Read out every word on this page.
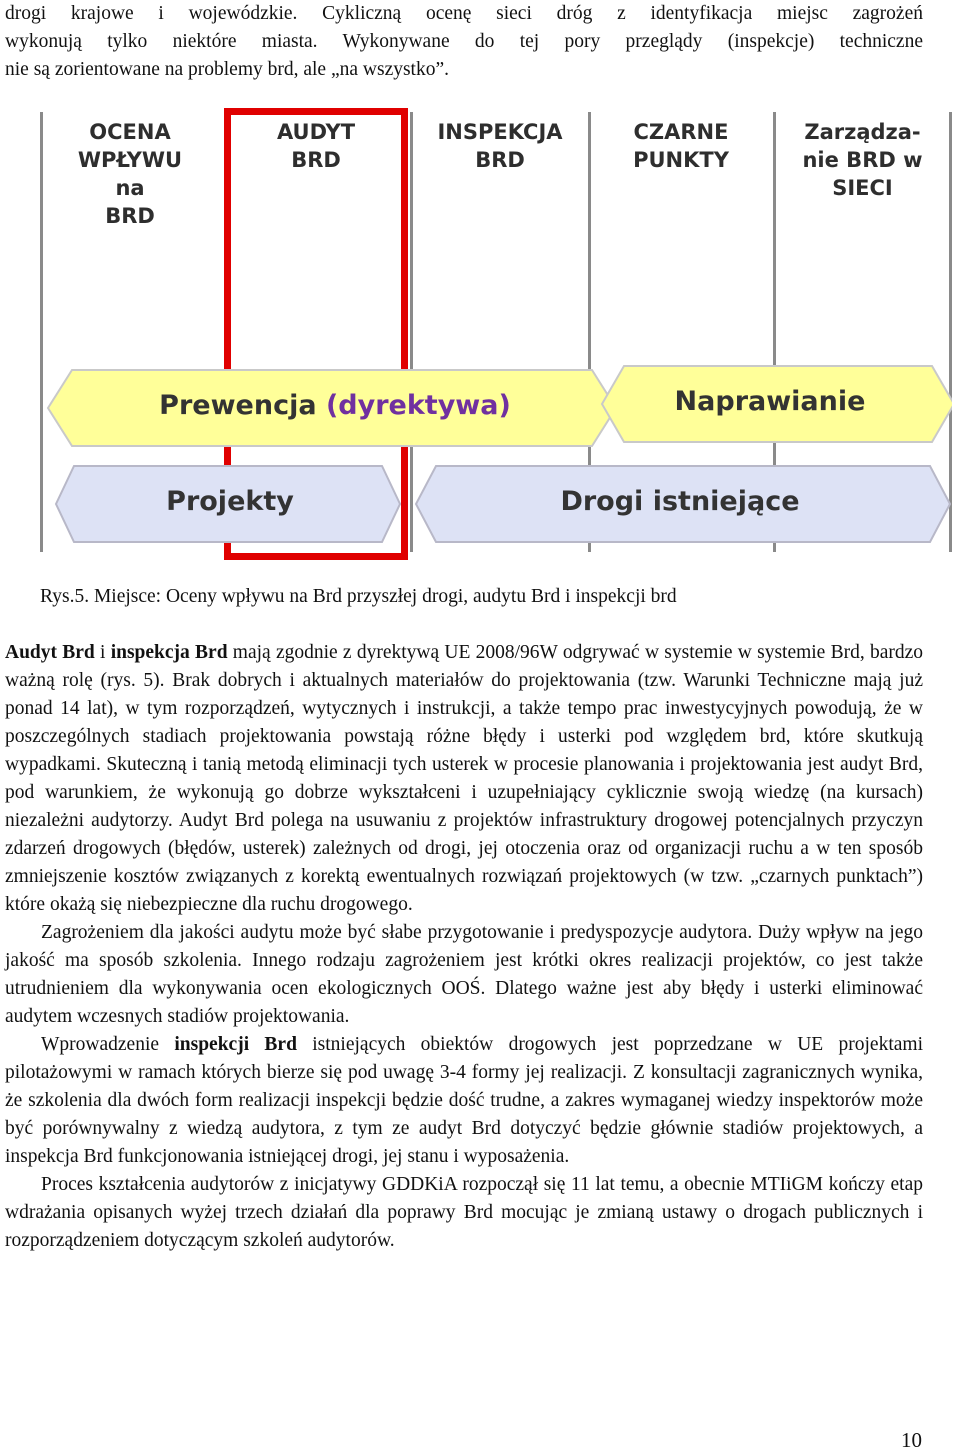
drogi krajowe i wojewódzkie. Cykliczną ocenę sieci dróg z identyfikacja miejsc zagrożeń
wykonują tylko niektóre miasta. Wykonywane do tej pory przeglądy (inspekcje) techniczne
nie są zorientowane na problemy brd, ale „na wszystko”.
OCENA
WPŁYWU
na
BRD
AUDYT
BRD
INSPEKCJA
BRD
CZARNE
PUNKTY
Zarządza-
nie BRD w
SIECI
Prewencja (dyrektywa)	Naprawianie
Projekty	Drogi istniejące
Rys.5. Miejsce: Oceny wpływu na Brd przyszłej drogi, audytu Brd i inspekcji brd

Audyt Brd i inspekcja Brd mają zgodnie z dyrektywą UE 2008/96W odgrywać w systemie w systemie Brd, bardzo ważną rolę (rys. 5). Brak dobrych i aktualnych materiałów do projektowania (tzw. Warunki Techniczne mają już ponad 14 lat), w tym rozporządzeń, wytycznych i instrukcji, a także tempo prac inwestycyjnych powodują, że w poszczególnych stadiach projektowania powstają różne błędy i usterki pod względem brd, które skutkują wypadkami. Skuteczną i tanią metodą eliminacji tych usterek w procesie planowania i projektowania jest audyt Brd, pod warunkiem, że wykonują go dobrze wykształceni i uzupełniający cyklicznie swoją wiedzę (na kursach) niezależni audytorzy. Audyt Brd polega na usuwaniu z projektów infrastruktury drogowej potencjalnych przyczyn zdarzeń drogowych (błędów, usterek) zależnych od drogi, jej otoczenia oraz od organizacji ruchu a w ten sposób zmniejszenie kosztów związanych z korektą ewentualnych rozwiązań projektowych (w tzw. „czarnych punktach”) które okażą się niebezpieczne dla ruchu drogowego.

Zagrożeniem dla jakości audytu może być słabe przygotowanie i predyspozycje audytora. Duży wpływ na jego jakość ma sposób szkolenia. Innego rodzaju zagrożeniem jest krótki okres realizacji projektów, co jest także utrudnieniem dla wykonywania ocen ekologicznych OOŚ. Dlatego ważne jest aby błędy i usterki eliminować audytem wczesnych stadiów projektowania.

Wprowadzenie inspekcji Brd istniejących obiektów drogowych jest poprzedzane w UE projektami pilotażowymi w ramach których bierze się pod uwagę 3-4 formy jej realizacji. Z konsultacji zagranicznych wynika, że szkolenia dla dwóch form realizacji inspekcji będzie dość trudne, a zakres wymaganej wiedzy inspektorów może być porównywalny z wiedzą audytora, z tym ze audyt Brd dotyczyć będzie głównie stadiów projektowych, a inspekcja Brd funkcjonowania istniejącej drogi, jej stanu i wyposażenia.

Proces kształcenia audytorów z inicjatywy GDDKiA rozpoczął się 11 lat temu, a obecnie MTIiGM kończy etap wdrażania opisanych wyżej trzech działań dla poprawy Brd mocując je zmianą ustawy o drogach publicznych i rozporządzeniem dotyczącym szkoleń audytorów.

10
